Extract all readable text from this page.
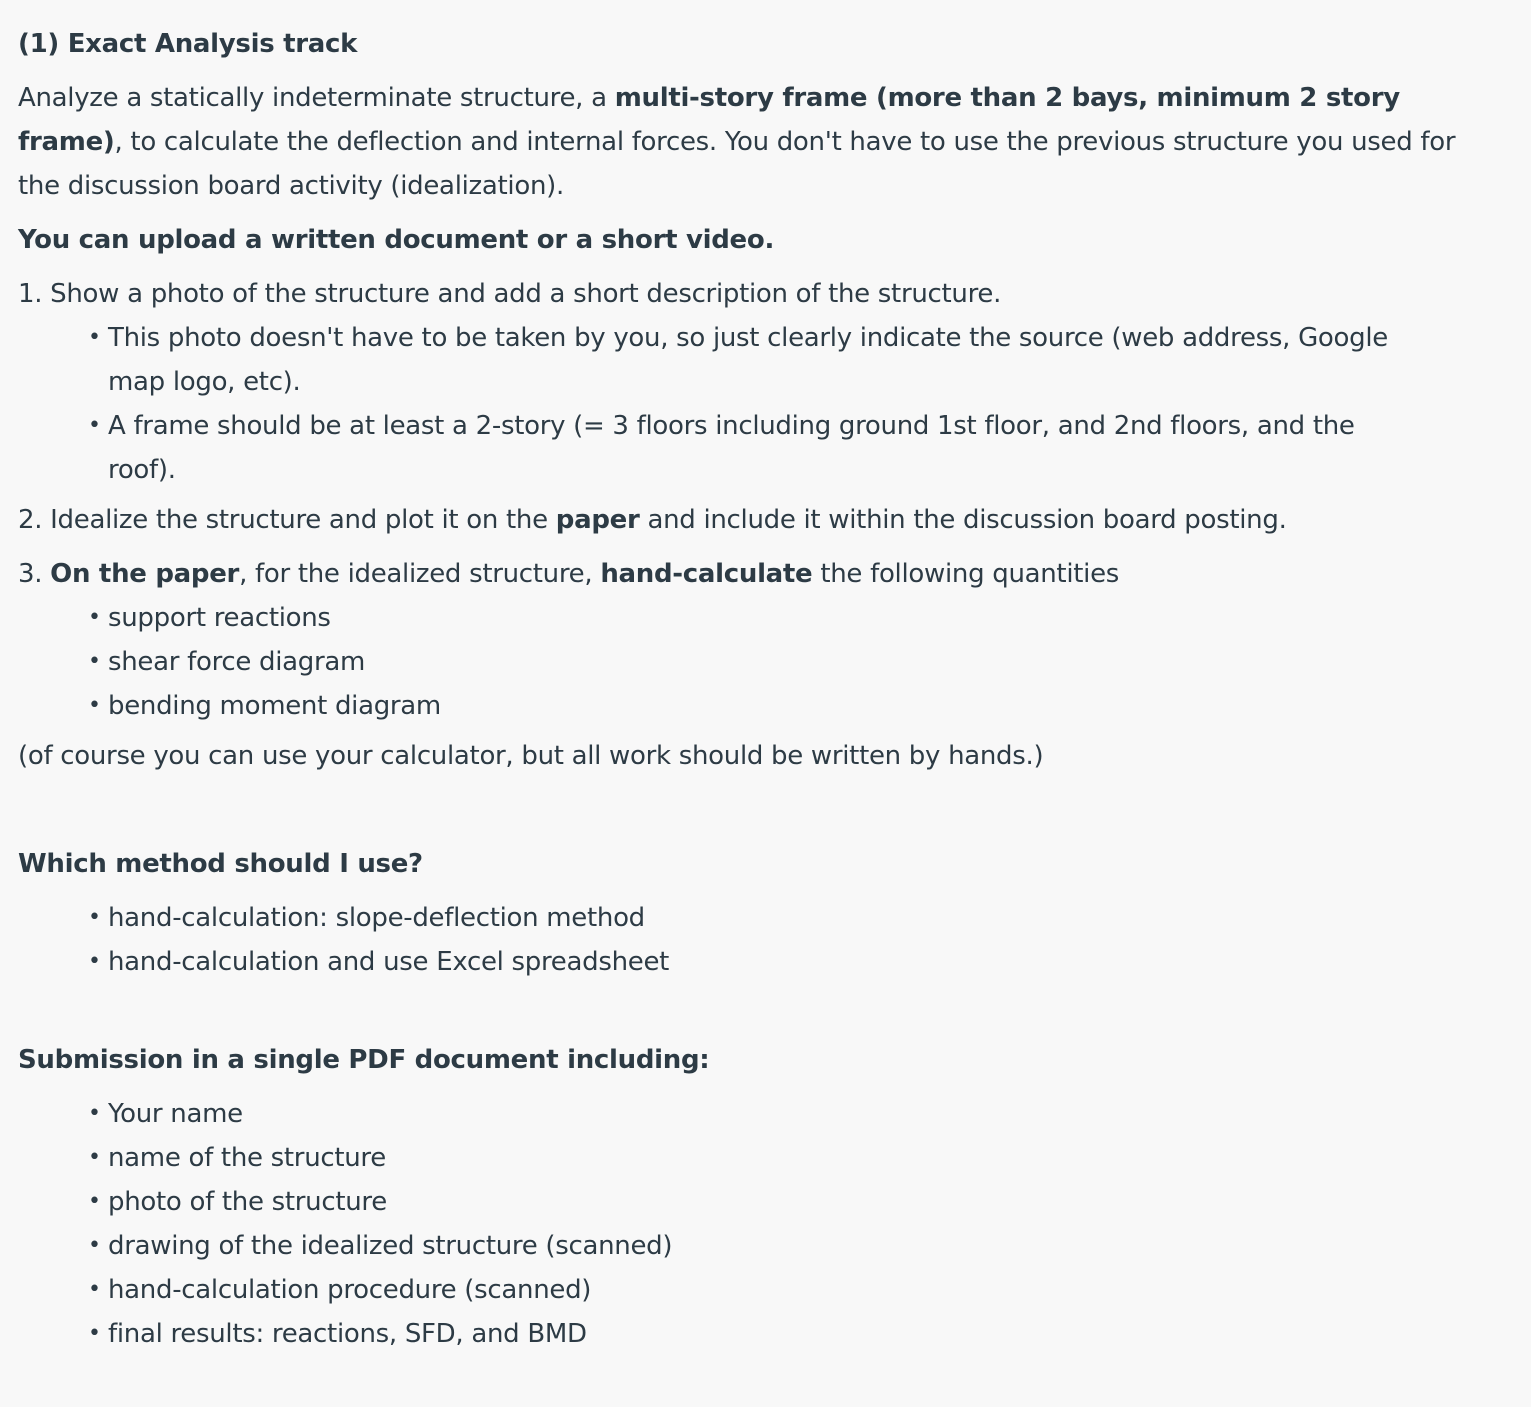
(1) Exact Analysis track

Analyze a statically indeterminate structure, a multi-story frame (more than 2 bays, minimum 2 story frame), to calculate the deflection and internal forces. You don't have to use the previous structure you used for the discussion board activity (idealization).

You can upload a written document or a short video.

1. Show a photo of the structure and add a short description of the structure.
• This photo doesn't have to be taken by you, so just clearly indicate the source (web address, Google map logo, etc).
• A frame should be at least a 2-story (= 3 floors including ground 1st floor, and 2nd floors, and the roof).
2. Idealize the structure and plot it on the paper and include it within the discussion board posting.
3. On the paper, for the idealized structure, hand-calculate the following quantities
• support reactions
• shear force diagram
• bending moment diagram

(of course you can use your calculator, but all work should be written by hands.)

Which method should I use?

• hand-calculation: slope-deflection method
• hand-calculation and use Excel spreadsheet

Submission in a single PDF document including:

• Your name
• name of the structure
• photo of the structure
• drawing of the idealized structure (scanned)
• hand-calculation procedure (scanned)
• final results: reactions, SFD, and BMD
